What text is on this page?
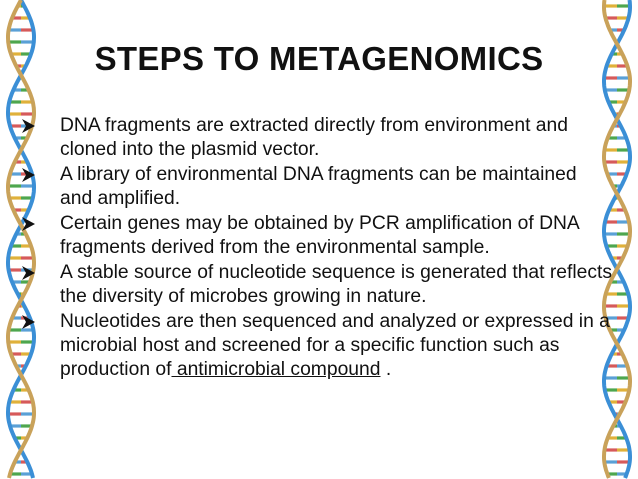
STEPS TO METAGENOMICS
DNA fragments are extracted directly from environment and cloned into the plasmid vector.
A library of environmental DNA fragments can be maintained and amplified.
Certain genes may be obtained by PCR amplification of DNA fragments derived from the environmental sample.
A stable source of nucleotide sequence is generated that reflects the diversity of microbes growing in nature.
Nucleotides are then sequenced and analyzed or expressed in a microbial host and screened for a specific function such as production of antimicrobial compound .
